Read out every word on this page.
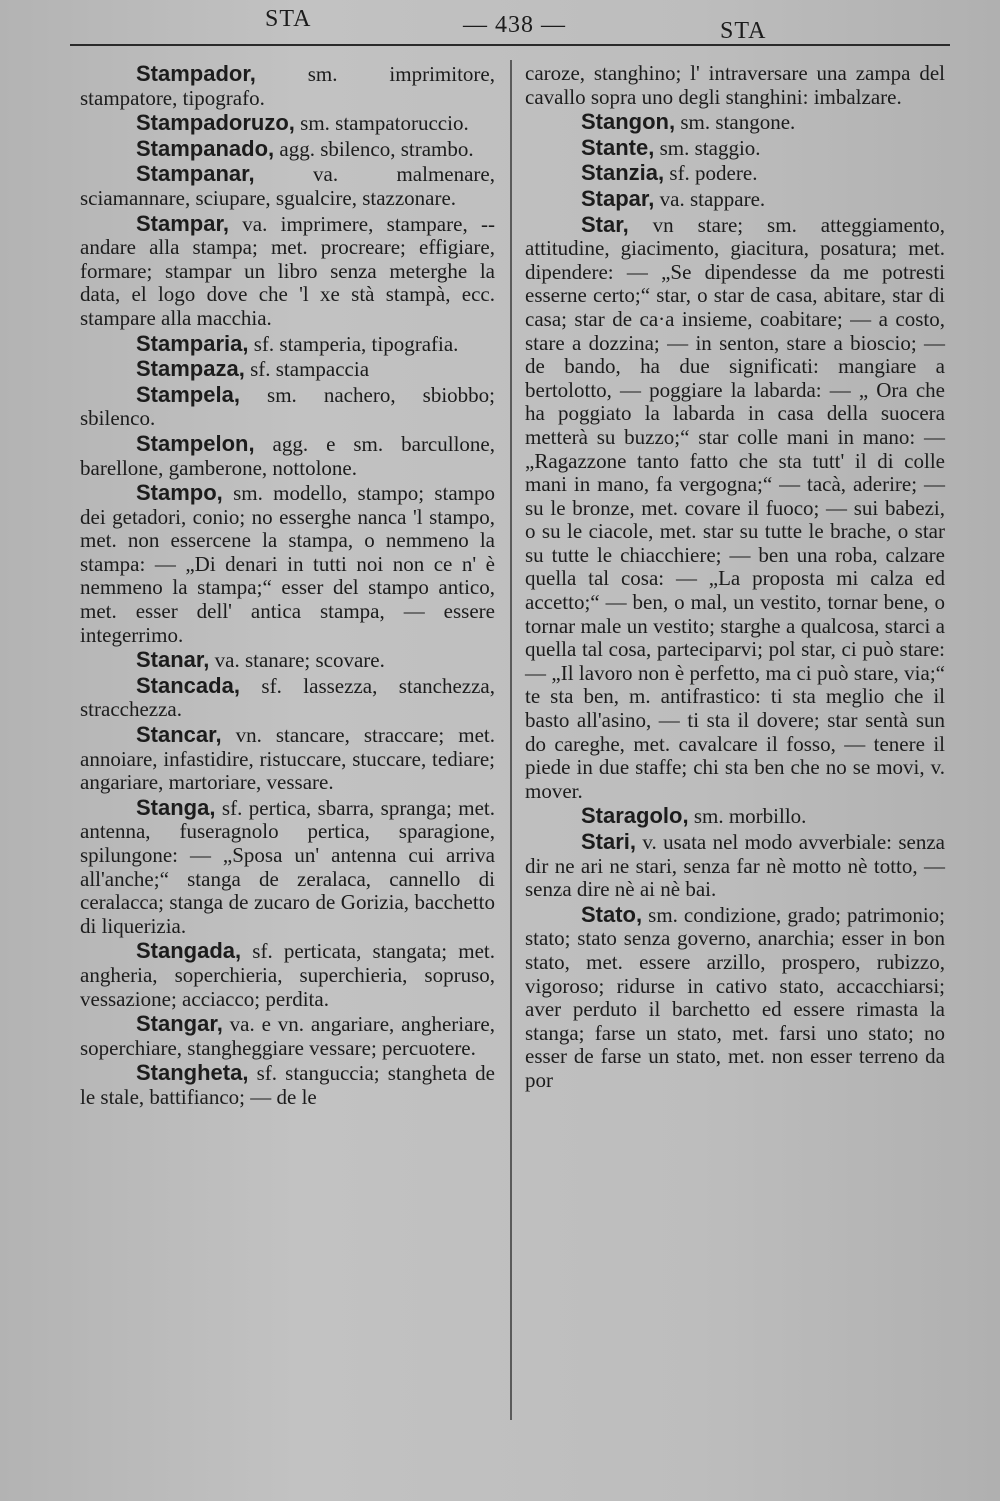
STA	— 438 —	STA

Stampador, sm. imprimitore, stampatore, tipografo.

Stampadoruzo, sm. stampatoruccio.

Stampanado, agg. sbilenco, strambo.

Stampanar, va. malmenare, sciamannare, sciupare, sgualcire, stazzonare.

Stampar, va. imprimere, stampare, -- andare alla stampa; met. procreare; effigiare, formare; stampar un libro senza meterghe la data, el logo dove che 'l xe stà stampà, ecc. stampare alla macchia.

Stamparia, sf. stamperia, tipografia.

Stampaza, sf. stampaccia

Stampela, sm. nachero, sbiobbo; sbilenco.

Stampelon, agg. e sm. barcullone, barellone, gamberone, nottolone.

Stampo, sm. modello, stampo; stampo dei getadori, conio; no esserghe nanca 'l stampo, met. non essercene la stampa, o nemmeno la stampa: — „Di denari in tutti noi non ce n' è nemmeno la stampa;“ esser del stampo antico, met. esser dell' antica stampa, — essere integerrimo.

Stanar, va. stanare; scovare.

Stancada, sf. lassezza, stanchezza, stracchezza.

Stancar, vn. stancare, straccare; met. annoiare, infastidire, ristuccare, stuccare, tediare; angariare, martoriare, vessare.

Stanga, sf. pertica, sbarra, spranga; met. antenna, fuseragnolo pertica, sparagione, spilungone: — „Sposa un' antenna cui arriva all'anche;“ stanga de zeralaca, cannello di ceralacca; stanga de zucaro de Gorizia, bacchetto di liquerizia.

Stangada, sf. perticata, stangata; met. angheria, soperchieria, superchieria, sopruso, vessazione; acciacco; perdita.

Stangar, va. e vn. angariare, angheriare, soperchiare, stangheggiare vessare; percuotere.

Stangheta, sf. stanguccia; stangheta de le stale, battifianco; — de le

caroze, stanghino; l' intraversare una zampa del cavallo sopra uno degli stanghini: imbalzare.

Stangon, sm. stangone.

Stante, sm. staggio.

Stanzia, sf. podere.

Stapar, va. stappare.

Star, vn stare; sm. atteggiamento, attitudine, giacimento, giacitura, posatura; met. dipendere: — „Se dipendesse da me potresti esserne certo;“ star, o star de casa, abitare, star di casa; star de ca·a insieme, coabitare; — a costo, stare a dozzina; — in senton, stare a bioscio; — de bando, ha due significati: mangiare a bertolotto, — poggiare la labarda: — „ Ora che ha poggiato la labarda in casa della suocera metterà su buzzo;“ star colle mani in mano: — „Ragazzone tanto fatto che sta tutt' il di colle mani in mano, fa vergogna;“ — tacà, aderire; — su le bronze, met. covare il fuoco; — sui babezi, o su le ciacole, met. star su tutte le brache, o star su tutte le chiacchiere; — ben una roba, calzare quella tal cosa: — „La proposta mi calza ed accetto;“ — ben, o mal, un vestito, tornar bene, o tornar male un vestito; starghe a qualcosa, starci a quella tal cosa, parteciparvi; pol star, ci può stare: — „Il lavoro non è perfetto, ma ci può stare, via;“ te sta ben, m. antifrastico: ti sta meglio che il basto all'asino, — ti sta il dovere; star sentà sun do careghe, met. cavalcare il fosso, — tenere il piede in due staffe; chi sta ben che no se movi, v. mover.

Staragolo, sm. morbillo.

Stari, v. usata nel modo avverbiale: senza dir ne ari ne stari, senza far nè motto nè totto, — senza dire nè ai nè bai.

Stato, sm. condizione, grado; patrimonio; stato; stato senza governo, anarchia; esser in bon stato, met. essere arzillo, prospero, rubizzo, vigoroso; ridurse in cativo stato, accacchiarsi; aver perduto il barchetto ed essere rimasta la stanga; farse un stato, met. farsi uno stato; no esser de farse un stato, met. non esser terreno da por
